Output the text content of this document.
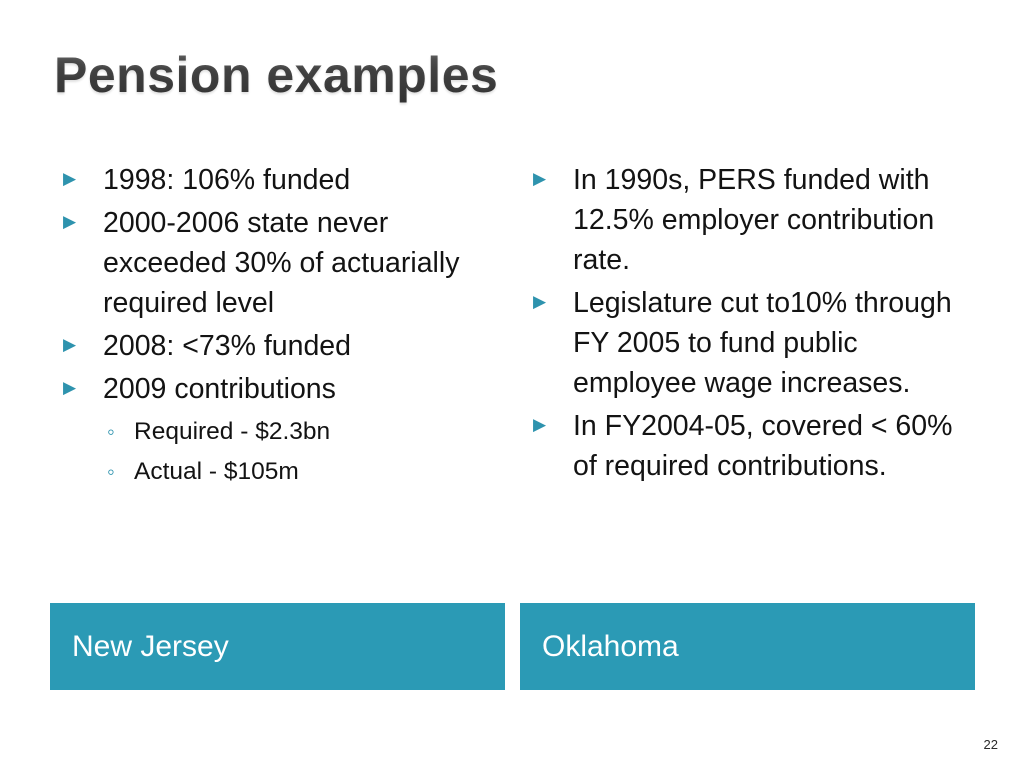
Pension examples
▶ 1998: 106% funded
▶ 2000-2006 state never exceeded 30% of actuarially required level
▶ 2008: <73% funded
▶ 2009 contributions
◦ Required - $2.3bn
◦ Actual - $105m
▶ In 1990s, PERS funded with 12.5% employer contribution rate.
▶ Legislature cut to10% through FY 2005 to fund public employee wage increases.
▶ In FY2004-05, covered < 60% of required contributions.
New Jersey	Oklahoma
22
